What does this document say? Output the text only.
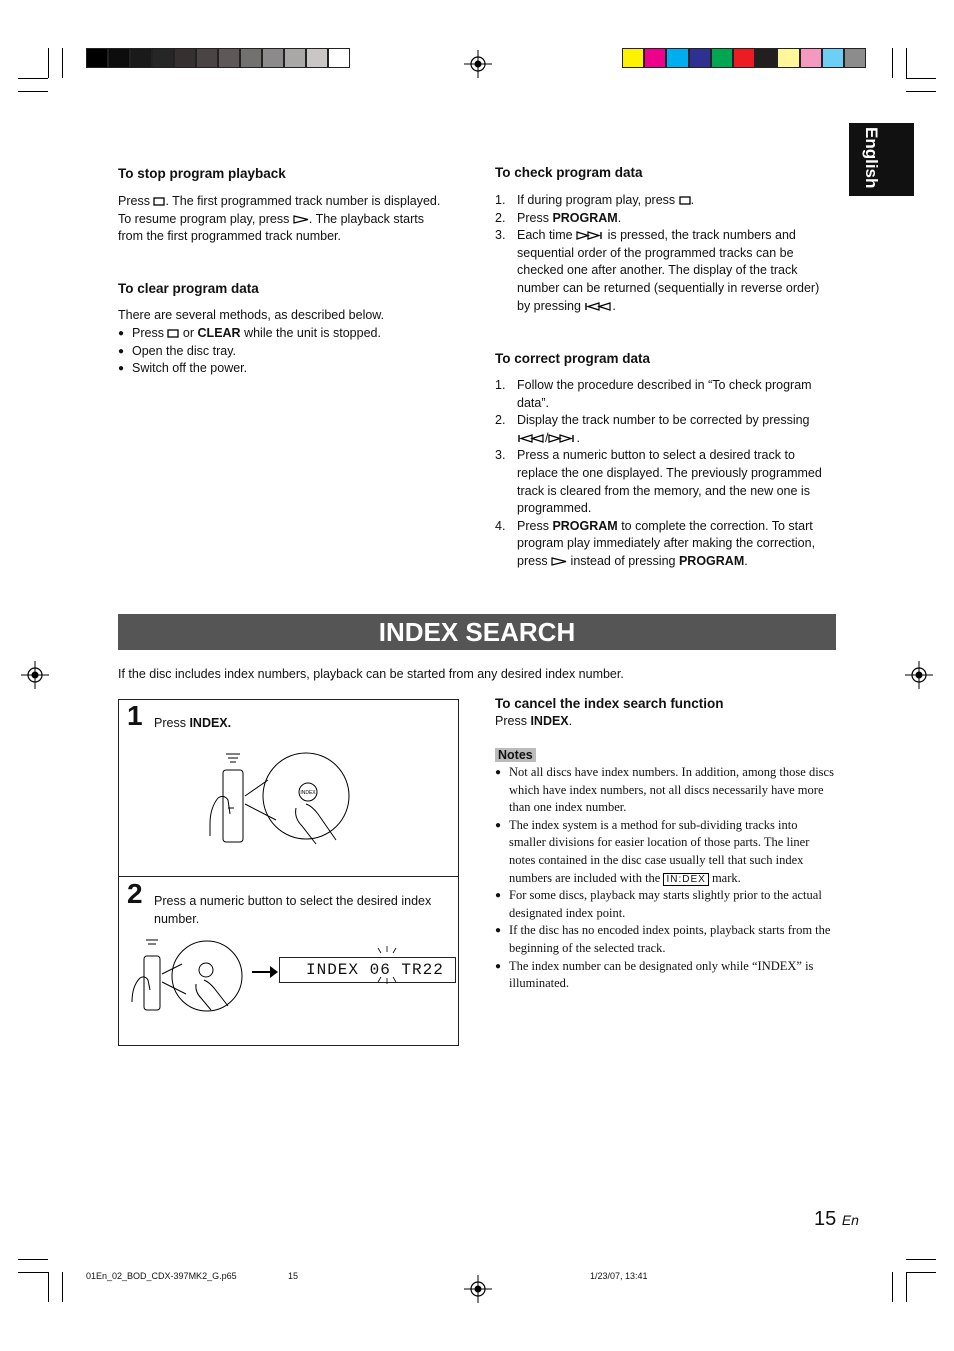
English
To stop program playback

Press . The first programmed track number is displayed.
To resume program play, press . The playback starts
from the first programmed track number.

To clear program data

There are several methods, as described below.

● Press or CLEAR while the unit is stopped.
● Open the disc tray.
● Switch off the power.
To check program data
1. If during program play, press .
2. Press PROGRAM.
3. Each time	is pressed, the track numbers and sequential order of the programmed tracks can be checked one after another. The display of the track number can be returned (sequentially in reverse order) by pressing	.
To correct program data
1. Follow the procedure described in “To check program data”.
2. Display the track number to be corrected by pressing / .
3. Press a numeric button to select a desired track to replace the one displayed. The previously programmed track is cleared from the memory, and the new one is programmed.
4. Press PROGRAM to complete the correction. To start program play immediately after making the correction, press instead of pressing PROGRAM.
INDEX SEARCH

If the disc includes index numbers, playback can be started from any desired index number.

1 Press INDEX.

INDEX
2 Press a numeric button to select the desired index number.

INDEX 06 TR22
To cancel the index search function

Press INDEX.

Notes
● Not all discs have index numbers. In addition, among those discs which have index numbers, not all discs necessarily have more than one index number.
● The index system is a method for sub-dividing tracks into smaller divisions for easier location of those parts. The liner notes contained in the disc case usually tell that such index numbers are included with the IN:DEX mark.
● For some discs, playback may starts slightly prior to the actual designated index point.
● If the disc has no encoded index points, playback starts from the beginning of the selected track.
● The index number can be designated only while “INDEX” is illuminated.
15 En
01En_02_BOD_CDX-397MK2_G.p65	15	1/23/07, 13:41
